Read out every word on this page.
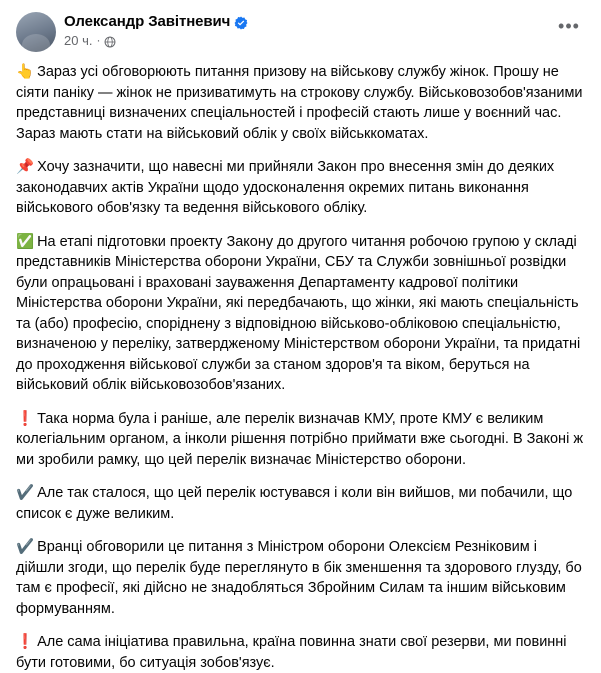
Олександр Завітневич
20 ч. ·
•••

👆 Зараз усі обговорюють питання призову на військову службу жінок. Прошу не сіяти паніку — жінок не призиватимуть на строкову службу. Військовозобов'язаними представниці визначених спеціальностей і професій стають лише у воєнний час. Зараз мають стати на військовий облік у своїх військкоматах.

📌 Хочу зазначити, що навесні ми прийняли Закон про внесення змін до деяких законодавчих актів України щодо удосконалення окремих питань виконання військового обов'язку та ведення військового обліку.

✅ На етапі підготовки проекту Закону до другого читання робочою групою у складі представників Міністерства оборони України, СБУ та Служби зовнішньої розвідки були опрацьовані і враховані зауваження Департаменту кадрової політики Міністерства оборони України, які передбачають, що жінки, які мають спеціальність та (або) професію, споріднену з відповідною військово-обліковою спеціальністю, визначеною у переліку, затвердженому Міністерством оборони України, та придатні до проходження військової служби за станом здоров'я та віком, беруться на військовий облік військовозобов'язаних.

❗ Така норма була і раніше, але перелік визначав КМУ, проте КМУ є великим колегіальним органом, а інколи рішення потрібно приймати вже сьогодні. В Законі ж ми зробили рамку, що цей перелік визначає Міністерство оборони.

✔️ Але так сталося, що цей перелік юстувався і коли він вийшов, ми побачили, що список є дуже великим.

✔️ Вранці обговорили це питання з Міністром оборони Олексієм Резніковим і дійшли згоди, що перелік буде переглянуто в бік зменшення та здорового глузду, бо там є професії, які дійсно не знадобляться Збройним Силам та іншим військовим формуванням.

❗ Але сама ініціатива правильна, країна повинна знати свої резерви, ми повинні бути готовими, бо ситуація зобов'язує.
